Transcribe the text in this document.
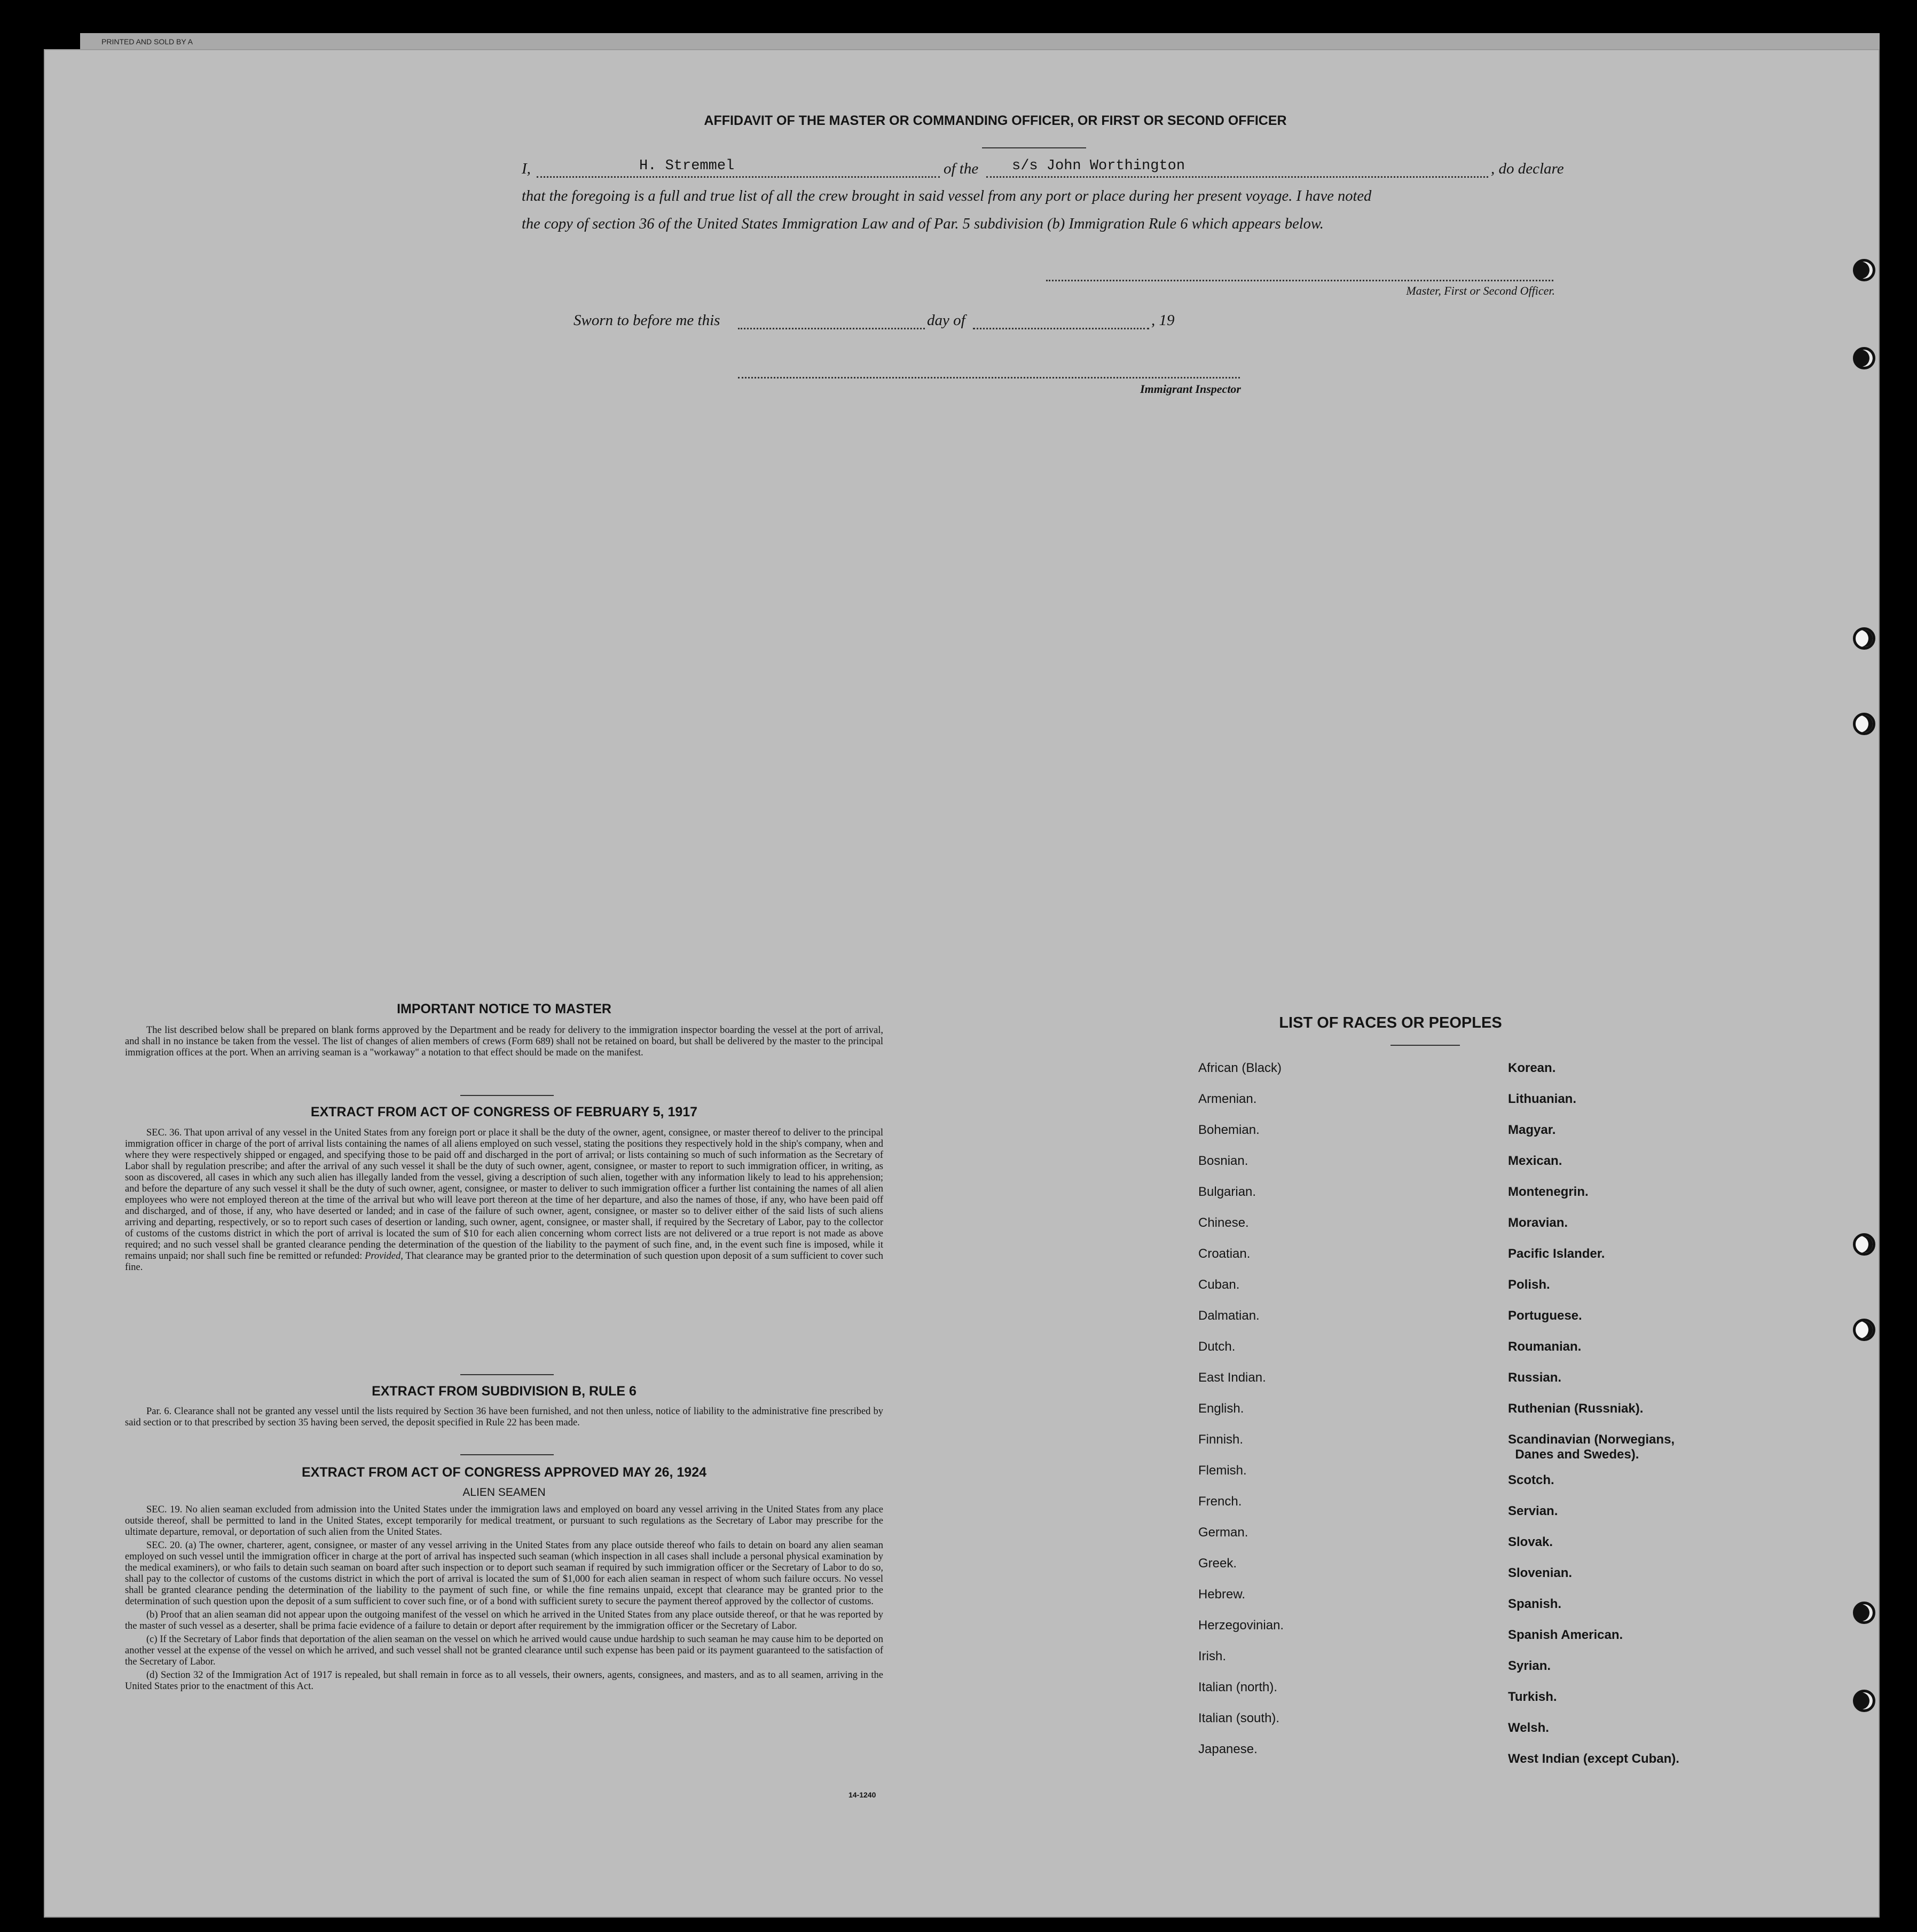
PRINTED AND SOLD BY A
AFFIDAVIT OF THE MASTER OR COMMANDING OFFICER, OR FIRST OR SECOND OFFICER
I,	H. Stremmel	of the s/s John Worthington	, do declare
that the foregoing is a full and true list of all the crew brought in said vessel from any port or place during her present voyage. I have noted
the copy of section 36 of the United States Immigration Law and of Par. 5 subdivision (b) Immigration Rule 6 which appears below.
Master, First or Second Officer.
Sworn to before me this	day of	, 19
Immigrant Inspector
IMPORTANT NOTICE TO MASTER

The list described below shall be prepared on blank forms approved by the Department and be ready for delivery to the immigration inspector boarding the vessel at the port of arrival, and shall in no instance be taken from the vessel. The list of changes of alien members of crews (Form 689) shall not be retained on board, but shall be delivered by the master to the principal immigration offices at the port. When an arriving seaman is a "workaway" a notation to that effect should be made on the manifest.

EXTRACT FROM ACT OF CONGRESS OF FEBRUARY 5, 1917

SEC. 36. That upon arrival of any vessel in the United States from any foreign port or place it shall be the duty of the owner, agent, consignee, or master thereof to deliver to the principal immigration officer in charge of the port of arrival lists containing the names of all aliens employed on such vessel, stating the positions they respectively hold in the ship's company, when and where they were respectively shipped or engaged, and specifying those to be paid off and discharged in the port of arrival; or lists containing so much of such information as the Secretary of Labor shall by regulation prescribe; and after the arrival of any such vessel it shall be the duty of such owner, agent, consignee, or master to report to such immigration officer, in writing, as soon as discovered, all cases in which any such alien has illegally landed from the vessel, giving a description of such alien, together with any information likely to lead to his apprehension; and before the departure of any such vessel it shall be the duty of such owner, agent, consignee, or master to deliver to such immigration officer a further list containing the names of all alien employees who were not employed thereon at the time of the arrival but who will leave port thereon at the time of her departure, and also the names of those, if any, who have been paid off and discharged, and of those, if any, who have deserted or landed; and in case of the failure of such owner, agent, consignee, or master so to deliver either of the said lists of such aliens arriving and departing, respectively, or so to report such cases of desertion or landing, such owner, agent, consignee, or master shall, if required by the Secretary of Labor, pay to the collector of customs of the customs district in which the port of arrival is located the sum of $10 for each alien concerning whom correct lists are not delivered or a true report is not made as above required; and no such vessel shall be granted clearance pending the determination of the question of the liability to the payment of such fine, and, in the event such fine is imposed, while it remains unpaid; nor shall such fine be remitted or refunded: Provided, That clearance may be granted prior to the determination of such question upon deposit of a sum sufficient to cover such fine.

EXTRACT FROM SUBDIVISION B, RULE 6

Par. 6. Clearance shall not be granted any vessel until the lists required by Section 36 have been furnished, and not then unless, notice of liability to the administrative fine prescribed by said section or to that prescribed by section 35 having been served, the deposit specified in Rule 22 has been made.

EXTRACT FROM ACT OF CONGRESS APPROVED MAY 26, 1924
ALIEN SEAMEN

SEC. 19. No alien seaman excluded from admission into the United States under the immigration laws and employed on board any vessel arriving in the United States from any place outside thereof, shall be permitted to land in the United States, except temporarily for medical treatment, or pursuant to such regulations as the Secretary of Labor may prescribe for the ultimate departure, removal, or deportation of such alien from the United States.

SEC. 20. (a) The owner, charterer, agent, consignee, or master of any vessel arriving in the United States from any place outside thereof who fails to detain on board any alien seaman employed on such vessel until the immigration officer in charge at the port of arrival has inspected such seaman (which inspection in all cases shall include a personal physical examination by the medical examiners), or who fails to detain such seaman on board after such inspection or to deport such seaman if required by such immigration officer or the Secretary of Labor to do so, shall pay to the collector of customs of the customs district in which the port of arrival is located the sum of $1,000 for each alien seaman in respect of whom such failure occurs. No vessel shall be granted clearance pending the determination of the liability to the payment of such fine, or while the fine remains unpaid, except that clearance may be granted prior to the determination of such question upon the deposit of a sum sufficient to cover such fine, or of a bond with sufficient surety to secure the payment thereof approved by the collector of customs.

(b) Proof that an alien seaman did not appear upon the outgoing manifest of the vessel on which he arrived in the United States from any place outside thereof, or that he was reported by the master of such vessel as a deserter, shall be prima facie evidence of a failure to detain or deport after requirement by the immigration officer or the Secretary of Labor.

(c) If the Secretary of Labor finds that deportation of the alien seaman on the vessel on which he arrived would cause undue hardship to such seaman he may cause him to be deported on another vessel at the expense of the vessel on which he arrived, and such vessel shall not be granted clearance until such expense has been paid or its payment guaranteed to the satisfaction of the Secretary of Labor.

(d) Section 32 of the Immigration Act of 1917 is repealed, but shall remain in force as to all vessels, their owners, agents, consignees, and masters, and as to all seamen, arriving in the United States prior to the enactment of this Act.

14-1240
LIST OF RACES OR PEOPLES
African (Black)
Armenian.
Bohemian.
Bosnian.
Bulgarian.
Chinese.
Croatian.
Cuban.
Dalmatian.
Dutch.
East Indian.
English.
Finnish.
Flemish.
French.
German.
Greek.
Hebrew.
Herzegovinian.
Irish.
Italian (north).
Italian (south).
Japanese.
Korean.
Lithuanian.
Magyar.
Mexican.
Montenegrin.
Moravian.
Pacific Islander.
Polish.
Portuguese.
Roumanian.
Russian.
Ruthenian (Russniak).
Scandinavian (Norwegians,
Danes and Swedes).
Scotch.
Servian.
Slovak.
Slovenian.
Spanish.
Spanish American.
Syrian.
Turkish.
Welsh.
West Indian (except Cuban).
